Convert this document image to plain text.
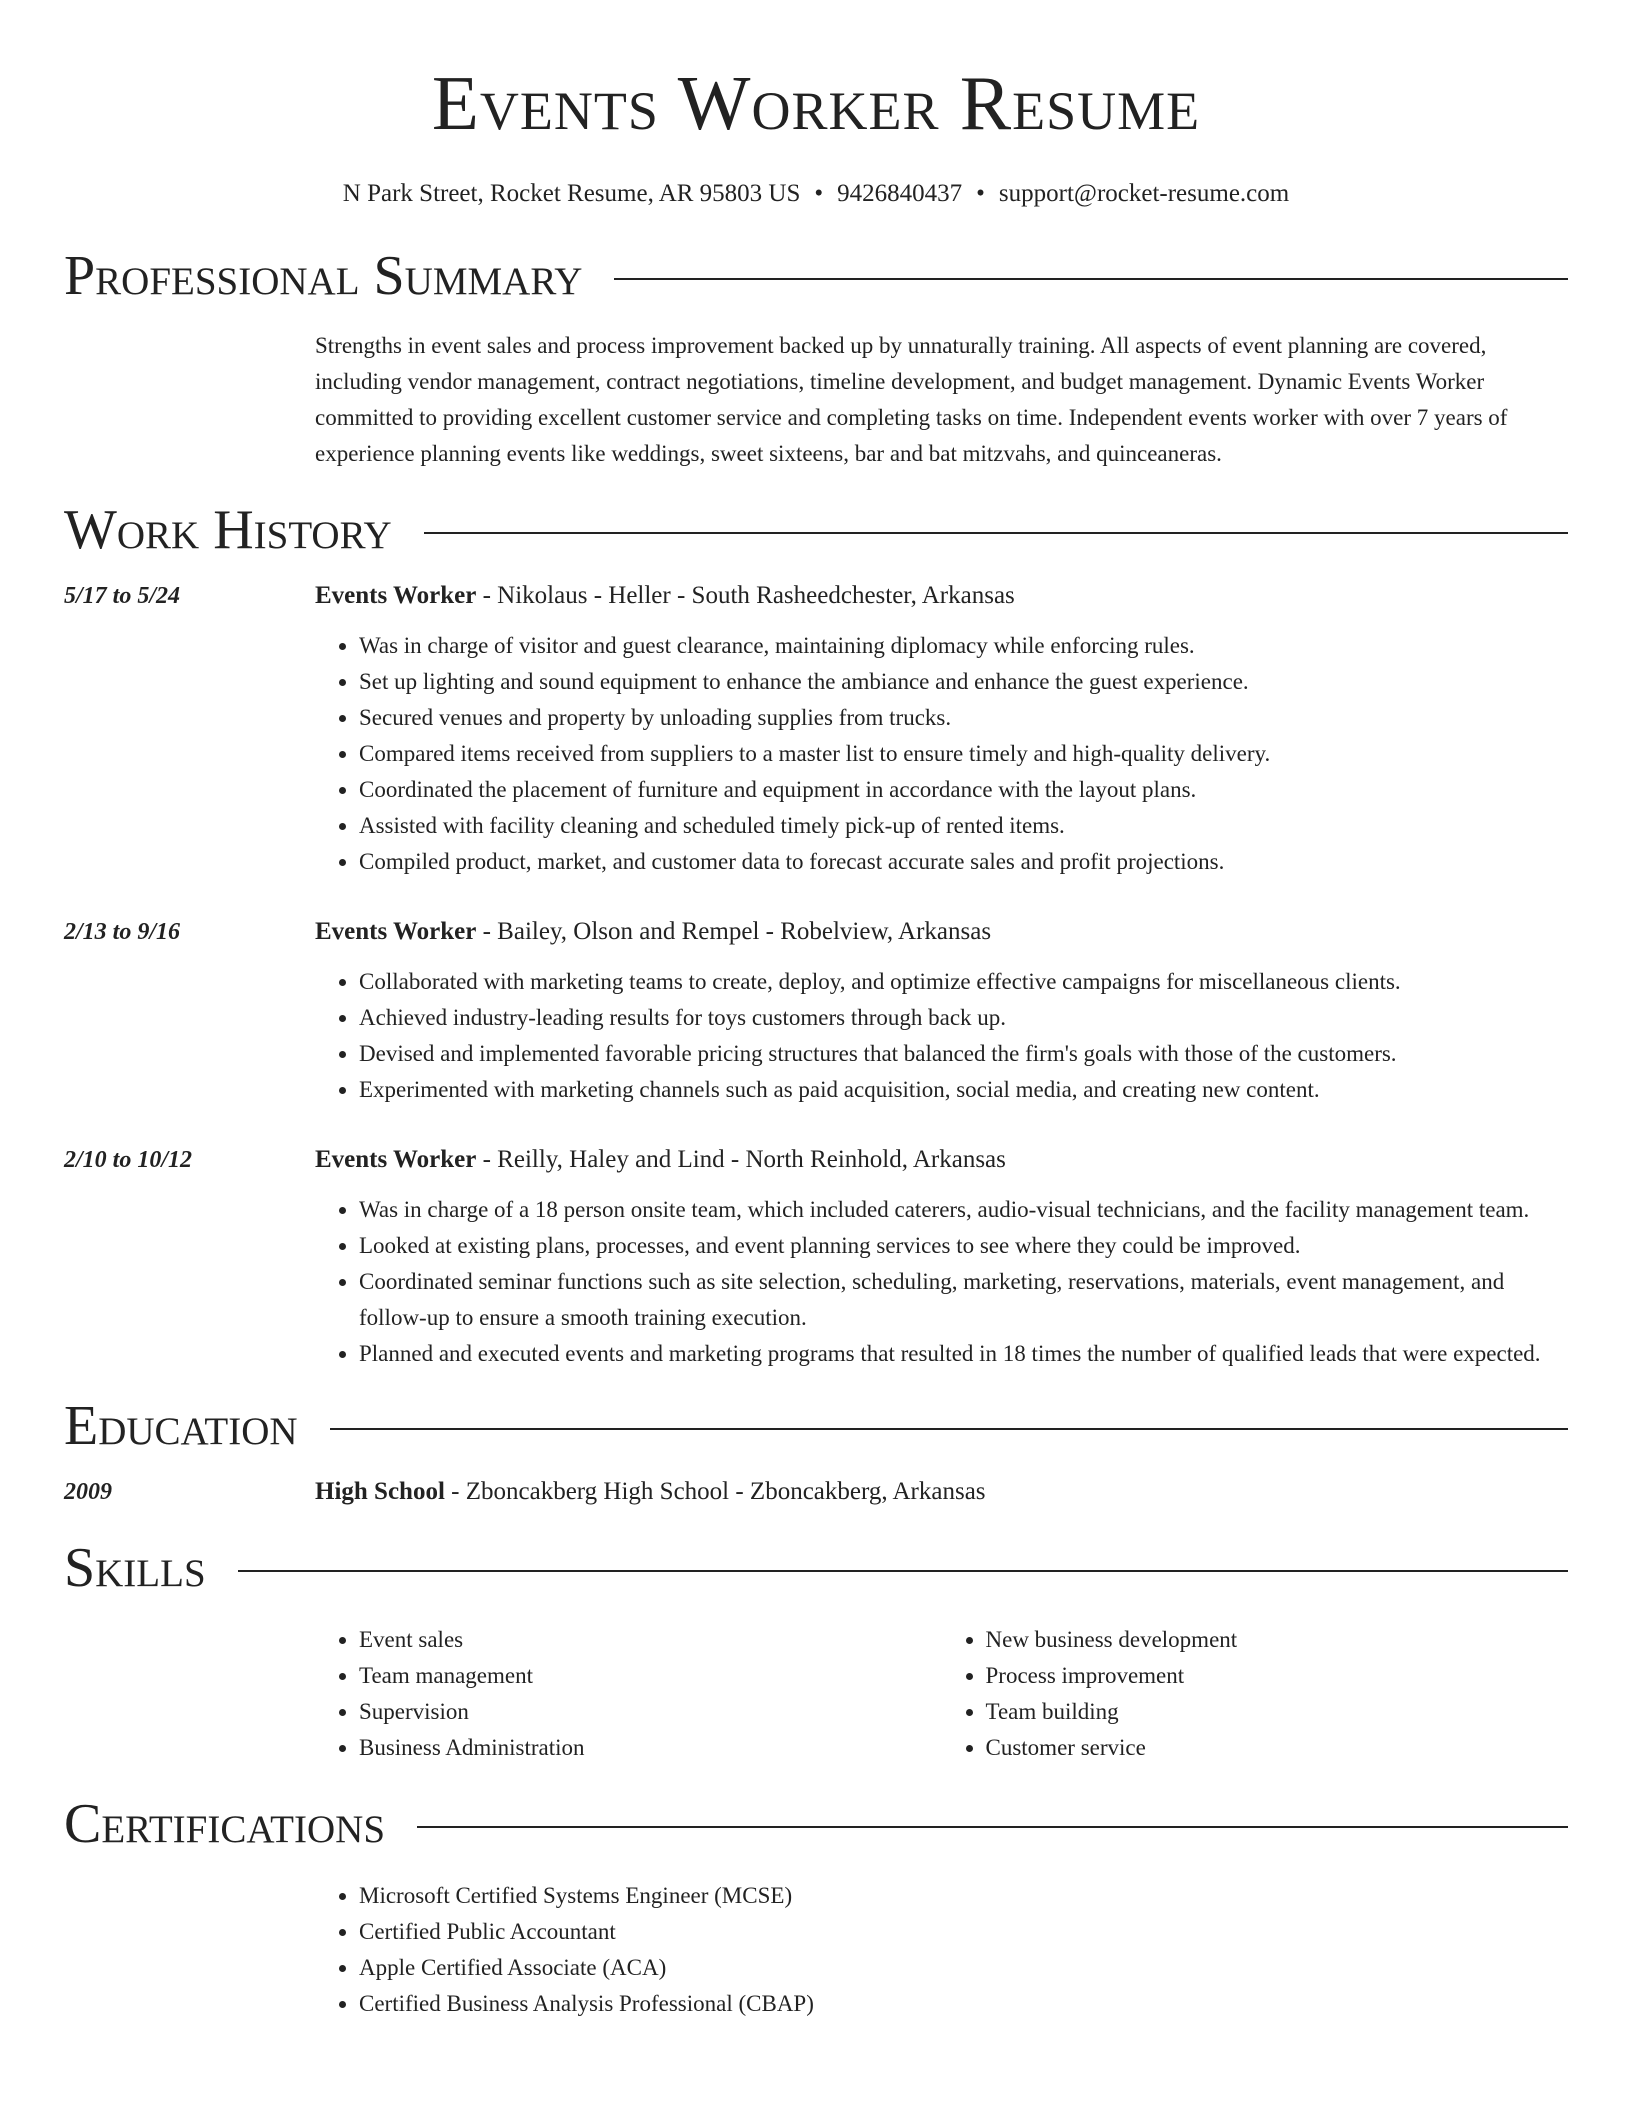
Events Worker Resume
N Park Street, Rocket Resume, AR 95803 US • 9426840437 • support@rocket-resume.com
Professional Summary
Strengths in event sales and process improvement backed up by unnaturally training. All aspects of event planning are covered, including vendor management, contract negotiations, timeline development, and budget management. Dynamic Events Worker committed to providing excellent customer service and completing tasks on time. Independent events worker with over 7 years of experience planning events like weddings, sweet sixteens, bar and bat mitzvahs, and quinceaneras.
Work History
5/17 to 5/24	Events Worker - Nikolaus - Heller - South Rasheedchester, Arkansas
• Was in charge of visitor and guest clearance, maintaining diplomacy while enforcing rules.
• Set up lighting and sound equipment to enhance the ambiance and enhance the guest experience.
• Secured venues and property by unloading supplies from trucks.
• Compared items received from suppliers to a master list to ensure timely and high-quality delivery.
• Coordinated the placement of furniture and equipment in accordance with the layout plans.
• Assisted with facility cleaning and scheduled timely pick-up of rented items.
• Compiled product, market, and customer data to forecast accurate sales and profit projections.
2/13 to 9/16	Events Worker - Bailey, Olson and Rempel - Robelview, Arkansas
• Collaborated with marketing teams to create, deploy, and optimize effective campaigns for miscellaneous clients.
• Achieved industry-leading results for toys customers through back up.
• Devised and implemented favorable pricing structures that balanced the firm's goals with those of the customers.
• Experimented with marketing channels such as paid acquisition, social media, and creating new content.
2/10 to 10/12	Events Worker - Reilly, Haley and Lind - North Reinhold, Arkansas
• Was in charge of a 18 person onsite team, which included caterers, audio-visual technicians, and the facility management team.
• Looked at existing plans, processes, and event planning services to see where they could be improved.
• Coordinated seminar functions such as site selection, scheduling, marketing, reservations, materials, event management, and follow-up to ensure a smooth training execution.
• Planned and executed events and marketing programs that resulted in 18 times the number of qualified leads that were expected.
Education
2009	High School - Zboncakberg High School - Zboncakberg, Arkansas
Skills
• Event sales
• Team management
• Supervision
• Business Administration
• New business development
• Process improvement
• Team building
• Customer service
Certifications
• Microsoft Certified Systems Engineer (MCSE)
• Certified Public Accountant
• Apple Certified Associate (ACA)
• Certified Business Analysis Professional (CBAP)
